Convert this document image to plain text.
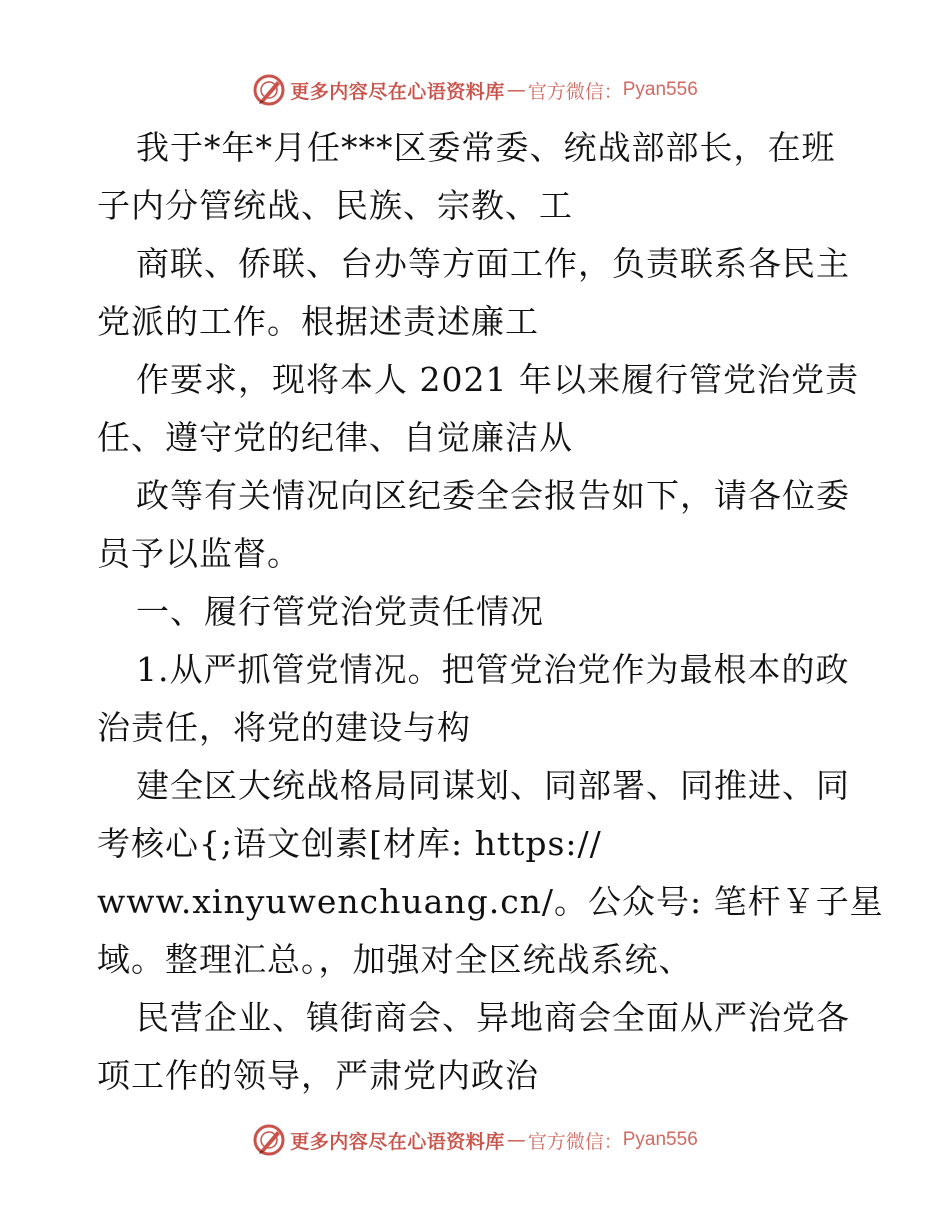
更多内容尽在心语资料库 — 官方微信： Pyan556
我于*年*月任***区委常委、统战部部长，在班
子内分管统战、民族、宗教、工
商联、侨联、台办等方面工作，负责联系各民主
党派的工作。根据述责述廉工
作要求，现将本人 2021 年以来履行管党治党责
任、遵守党的纪律、自觉廉洁从
政等有关情况向区纪委全会报告如下，请各位委
员予以监督。
一、履行管党治党责任情况
1.从严抓管党情况。把管党治党作为最根本的政
治责任，将党的建设与构
建全区大统战格局同谋划、同部署、同推进、同
考核心{;语文创素[材库: https://
www.xinyuwenchuang.cn/。公众号: 笔杆￥子星
域。整理汇总。，加强对全区统战系统、
民营企业、镇街商会、异地商会全面从严治党各
项工作的领导，严肃党内政治
更多内容尽在心语资料库 — 官方微信： Pyan556
